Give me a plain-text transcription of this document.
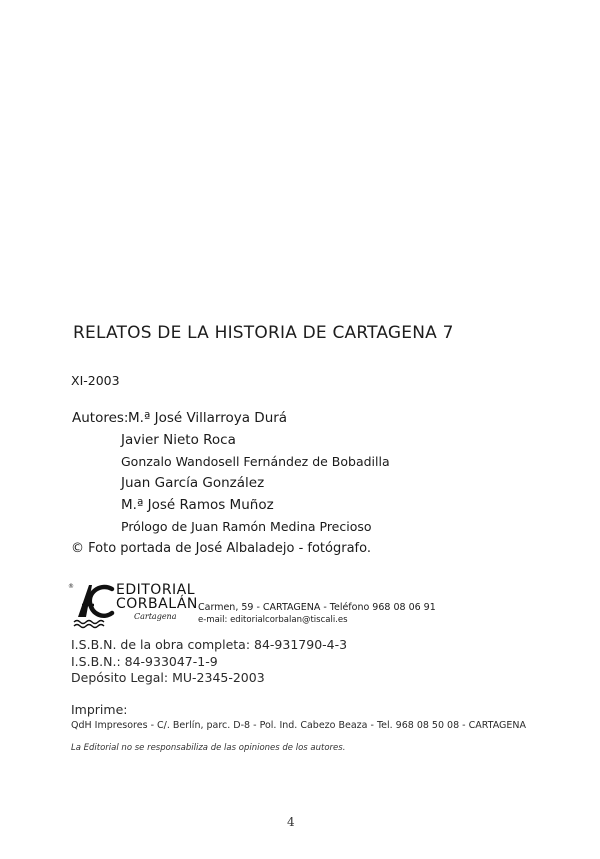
RELATOS DE LA HISTORIA DE CARTAGENA 7
XI-2003
Autores: M.ª José Villarroya Durá
Javier Nieto Roca
Gonzalo Wandosell Fernández de Bobadilla
Juan García González
M.ª José Ramos Muñoz
Prólogo de Juan Ramón Medina Precioso
© Foto portada de José Albaladejo - fotógrafo.
®	EDITORIAL
CORBALÁN
Cartagena
Carmen, 59 - CARTAGENA - Teléfono 968 08 06 91
e-mail: editorialcorbalan@tiscali.es
I.S.B.N. de la obra completa: 84-931790-4-3
I.S.B.N.: 84-933047-1-9
Depósito Legal: MU-2345-2003
Imprime:
QdH Impresores - C/. Berlín, parc. D-8 - Pol. Ind. Cabezo Beaza - Tel. 968 08 50 08 - CARTAGENA
La Editorial no se responsabiliza de las opiniones de los autores.
4
